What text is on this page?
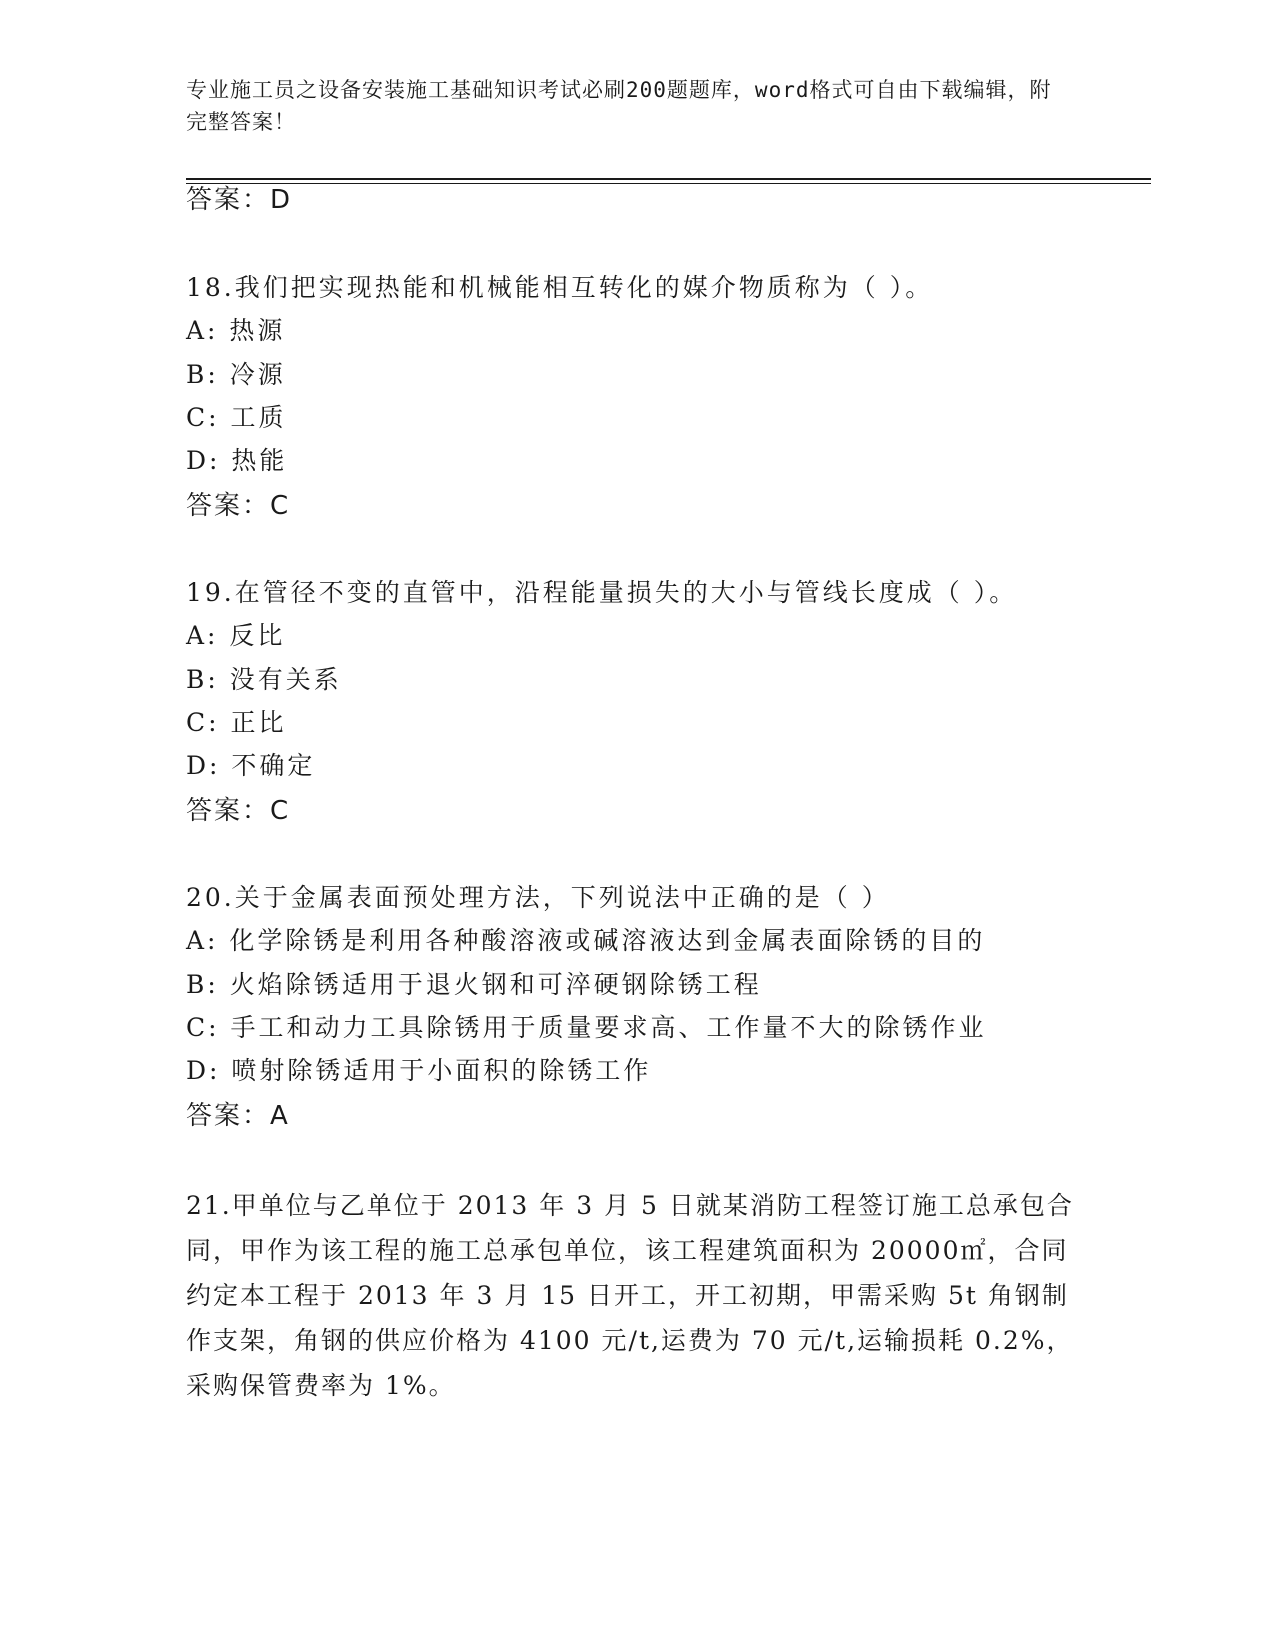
专业施工员之设备安装施工基础知识考试必刷200题题库，word格式可自由下载编辑，附完整答案！
答案：D
18.我们把实现热能和机械能相互转化的媒介物质称为（ ）。
A: 热源
B: 冷源
C: 工质
D: 热能
答案：C
19.在管径不变的直管中，沿程能量损失的大小与管线长度成（ ）。
A: 反比
B: 没有关系
C: 正比
D: 不确定
答案：C
20.关于金属表面预处理方法，下列说法中正确的是（ ）
A: 化学除锈是利用各种酸溶液或碱溶液达到金属表面除锈的目的
B: 火焰除锈适用于退火钢和可淬硬钢除锈工程
C: 手工和动力工具除锈用于质量要求高、工作量不大的除锈作业
D: 喷射除锈适用于小面积的除锈工作
答案：A
21.甲单位与乙单位于 2013 年 3 月 5 日就某消防工程签订施工总承包合同，甲作为该工程的施工总承包单位，该工程建筑面积为 20000㎡，合同约定本工程于 2013 年 3 月 15 日开工，开工初期，甲需采购 5t 角钢制作支架，角钢的供应价格为 4100 元/t,运费为 70 元/t,运输损耗 0.2%，采购保管费率为 1%。
